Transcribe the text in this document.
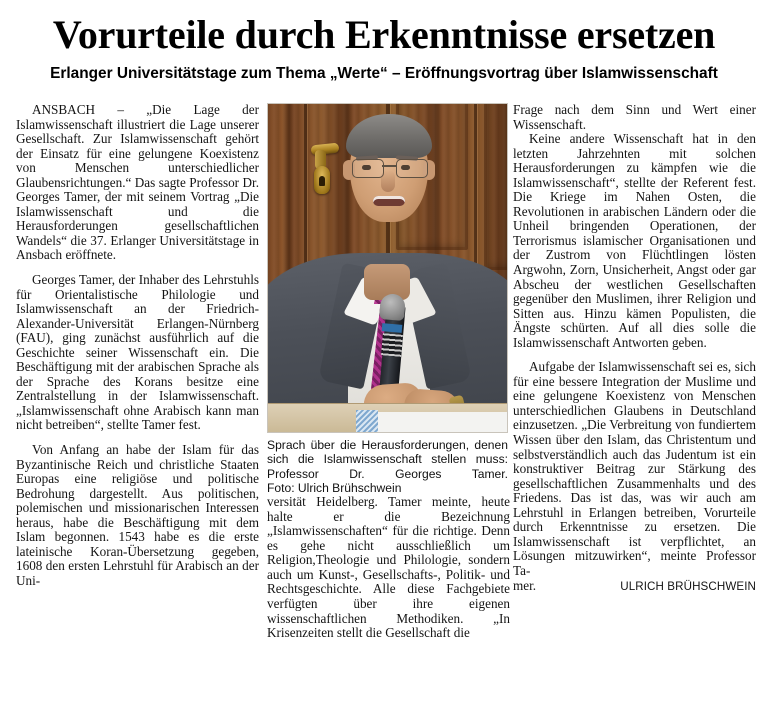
Vorurteile durch Erkenntnisse ersetzen
Erlanger Universitätstage zum Thema „Werte“ – Eröffnungsvortrag über Islamwissenschaft

ANSBACH – „Die Lage der Islamwissenschaft illustriert die Lage unserer Gesellschaft. Zur Islamwissenschaft gehört der Einsatz für eine gelungene Koexistenz von Menschen unterschiedlicher Glaubensrichtungen.“ Das sagte Professor Dr. Georges Tamer, der mit seinem Vortrag „Die Islamwissenschaft und die Herausforderungen gesellschaftlichen Wandels“ die 37. Erlanger Universitätstage in Ansbach eröffnete.

Georges Tamer, der Inhaber des Lehrstuhls für Orientalistische Philologie und Islamwissenschaft an der Friedrich-Alexander-Universität Erlangen-Nürnberg (FAU), ging zunächst ausführlich auf die Geschichte seiner Wissenschaft ein. Die Beschäftigung mit der arabischen Sprache als der Sprache des Korans besitze eine Zentralstellung in der Islamwissenschaft. „Islamwissenschaft ohne Arabisch kann man nicht betreiben“, stellte Tamer fest.

Von Anfang an habe der Islam für das Byzantinische Reich und christliche Staaten Europas eine religiöse und politische Bedrohung dargestellt. Aus politischen, polemischen und missionarischen Interessen heraus, habe die Beschäftigung mit dem Islam begonnen. 1543 habe es die erste lateinische Koran-Übersetzung gegeben, 1608 den ersten Lehrstuhl für Arabisch an der Uni-

Sprach über die Herausforderungen, denen sich die Islamwissenschaft stellen muss: Professor Dr. Georges Tamer. Foto: Ulrich Brühschwein

versität Heidelberg. Tamer meinte, heute halte er die Bezeichnung „Islamwissenschaften“ für die richtige. Denn es gehe nicht ausschließlich um Religion,Theologie und Philologie, sondern auch um Kunst-, Gesellschafts-, Politik- und Rechtsgeschichte. Alle diese Fachgebiete verfügten über ihre eigenen wissenschaftlichen Methodiken. „In Krisenzeiten stellt die Gesellschaft die

Frage nach dem Sinn und Wert einer Wissenschaft.

Keine andere Wissenschaft hat in den letzten Jahrzehnten mit solchen Herausforderungen zu kämpfen wie die Islamwissenschaft“, stellte der Referent fest. Die Kriege im Nahen Osten, die Revolutionen in arabischen Ländern oder die Unheil bringenden Operationen, der Terrorismus islamischer Organisationen und der Zustrom von Flüchtlingen lösten Argwohn, Zorn, Unsicherheit, Angst oder gar Abscheu der westlichen Gesellschaften gegenüber den Muslimen, ihrer Religion und Sitten aus. Hinzu kämen Populisten, die Ängste schürten. Auf all dies solle die Islamwissenschaft Antworten geben.

Aufgabe der Islamwissenschaft sei es, sich für eine bessere Integration der Muslime und eine gelungene Koexistenz von Menschen unterschiedlichen Glaubens in Deutschland einzusetzen. „Die Verbreitung von fundiertem Wissen über den Islam, das Christentum und selbstverständlich auch das Judentum ist ein konstruktiver Beitrag zur Stärkung des gesellschaftlichen Zusammenhalts und des Friedens. Das ist das, was wir auch am Lehrstuhl in Erlangen betreiben, Vorurteile durch Erkenntnisse zu ersetzen. Die Islamwissenschaft ist verpflichtet, an Lösungen mitzuwirken“, meinte Professor Ta-

mer.	ULRICH BRÜHSCHWEIN
